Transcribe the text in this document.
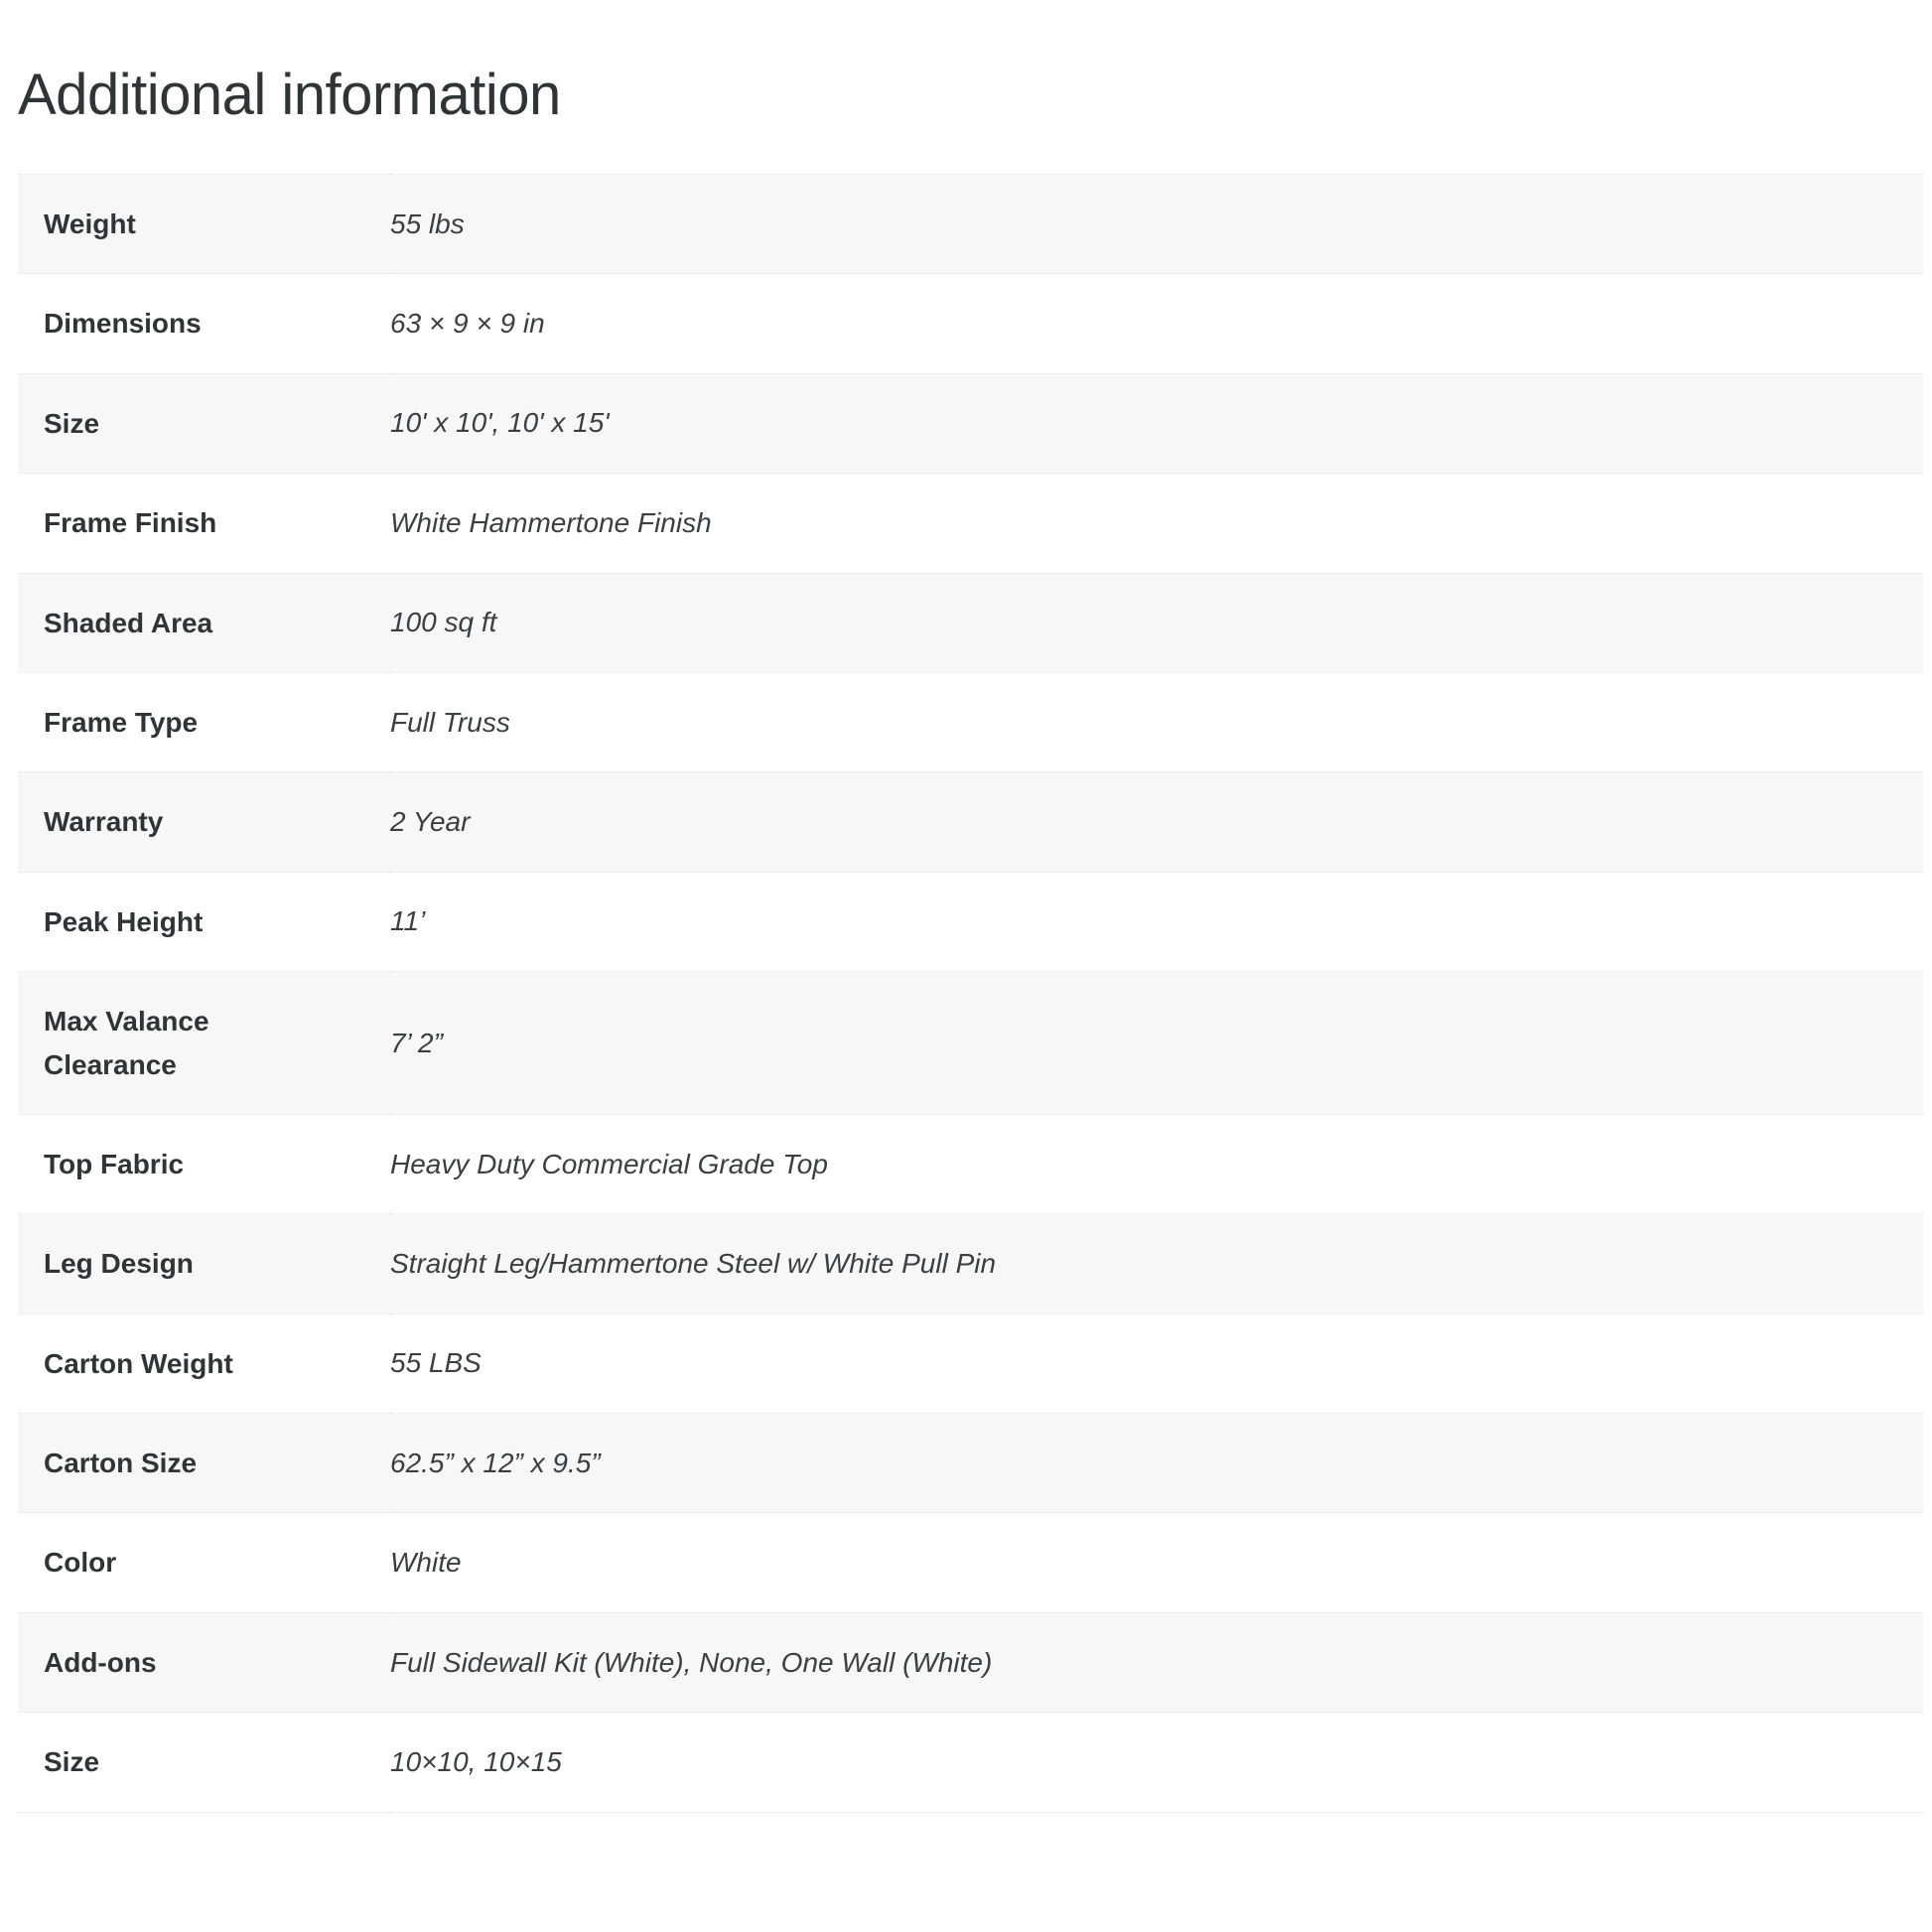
Additional information
Weight	55 lbs

Dimensions	63 × 9 × 9 in

Size	10' x 10', 10' x 15'

Frame Finish	White Hammertone Finish

Shaded Area	100 sq ft

Frame Type	Full Truss

Warranty	2 Year

Peak Height	11’

Max Valance Clearance	7’ 2”

Top Fabric	Heavy Duty Commercial Grade Top

Leg Design	Straight Leg/Hammertone Steel w/ White Pull Pin

Carton Weight	55 LBS

Carton Size	62.5” x 12” x 9.5”

Color	White

Add-ons	Full Sidewall Kit (White), None, One Wall (White)

Size	10×10, 10×15
